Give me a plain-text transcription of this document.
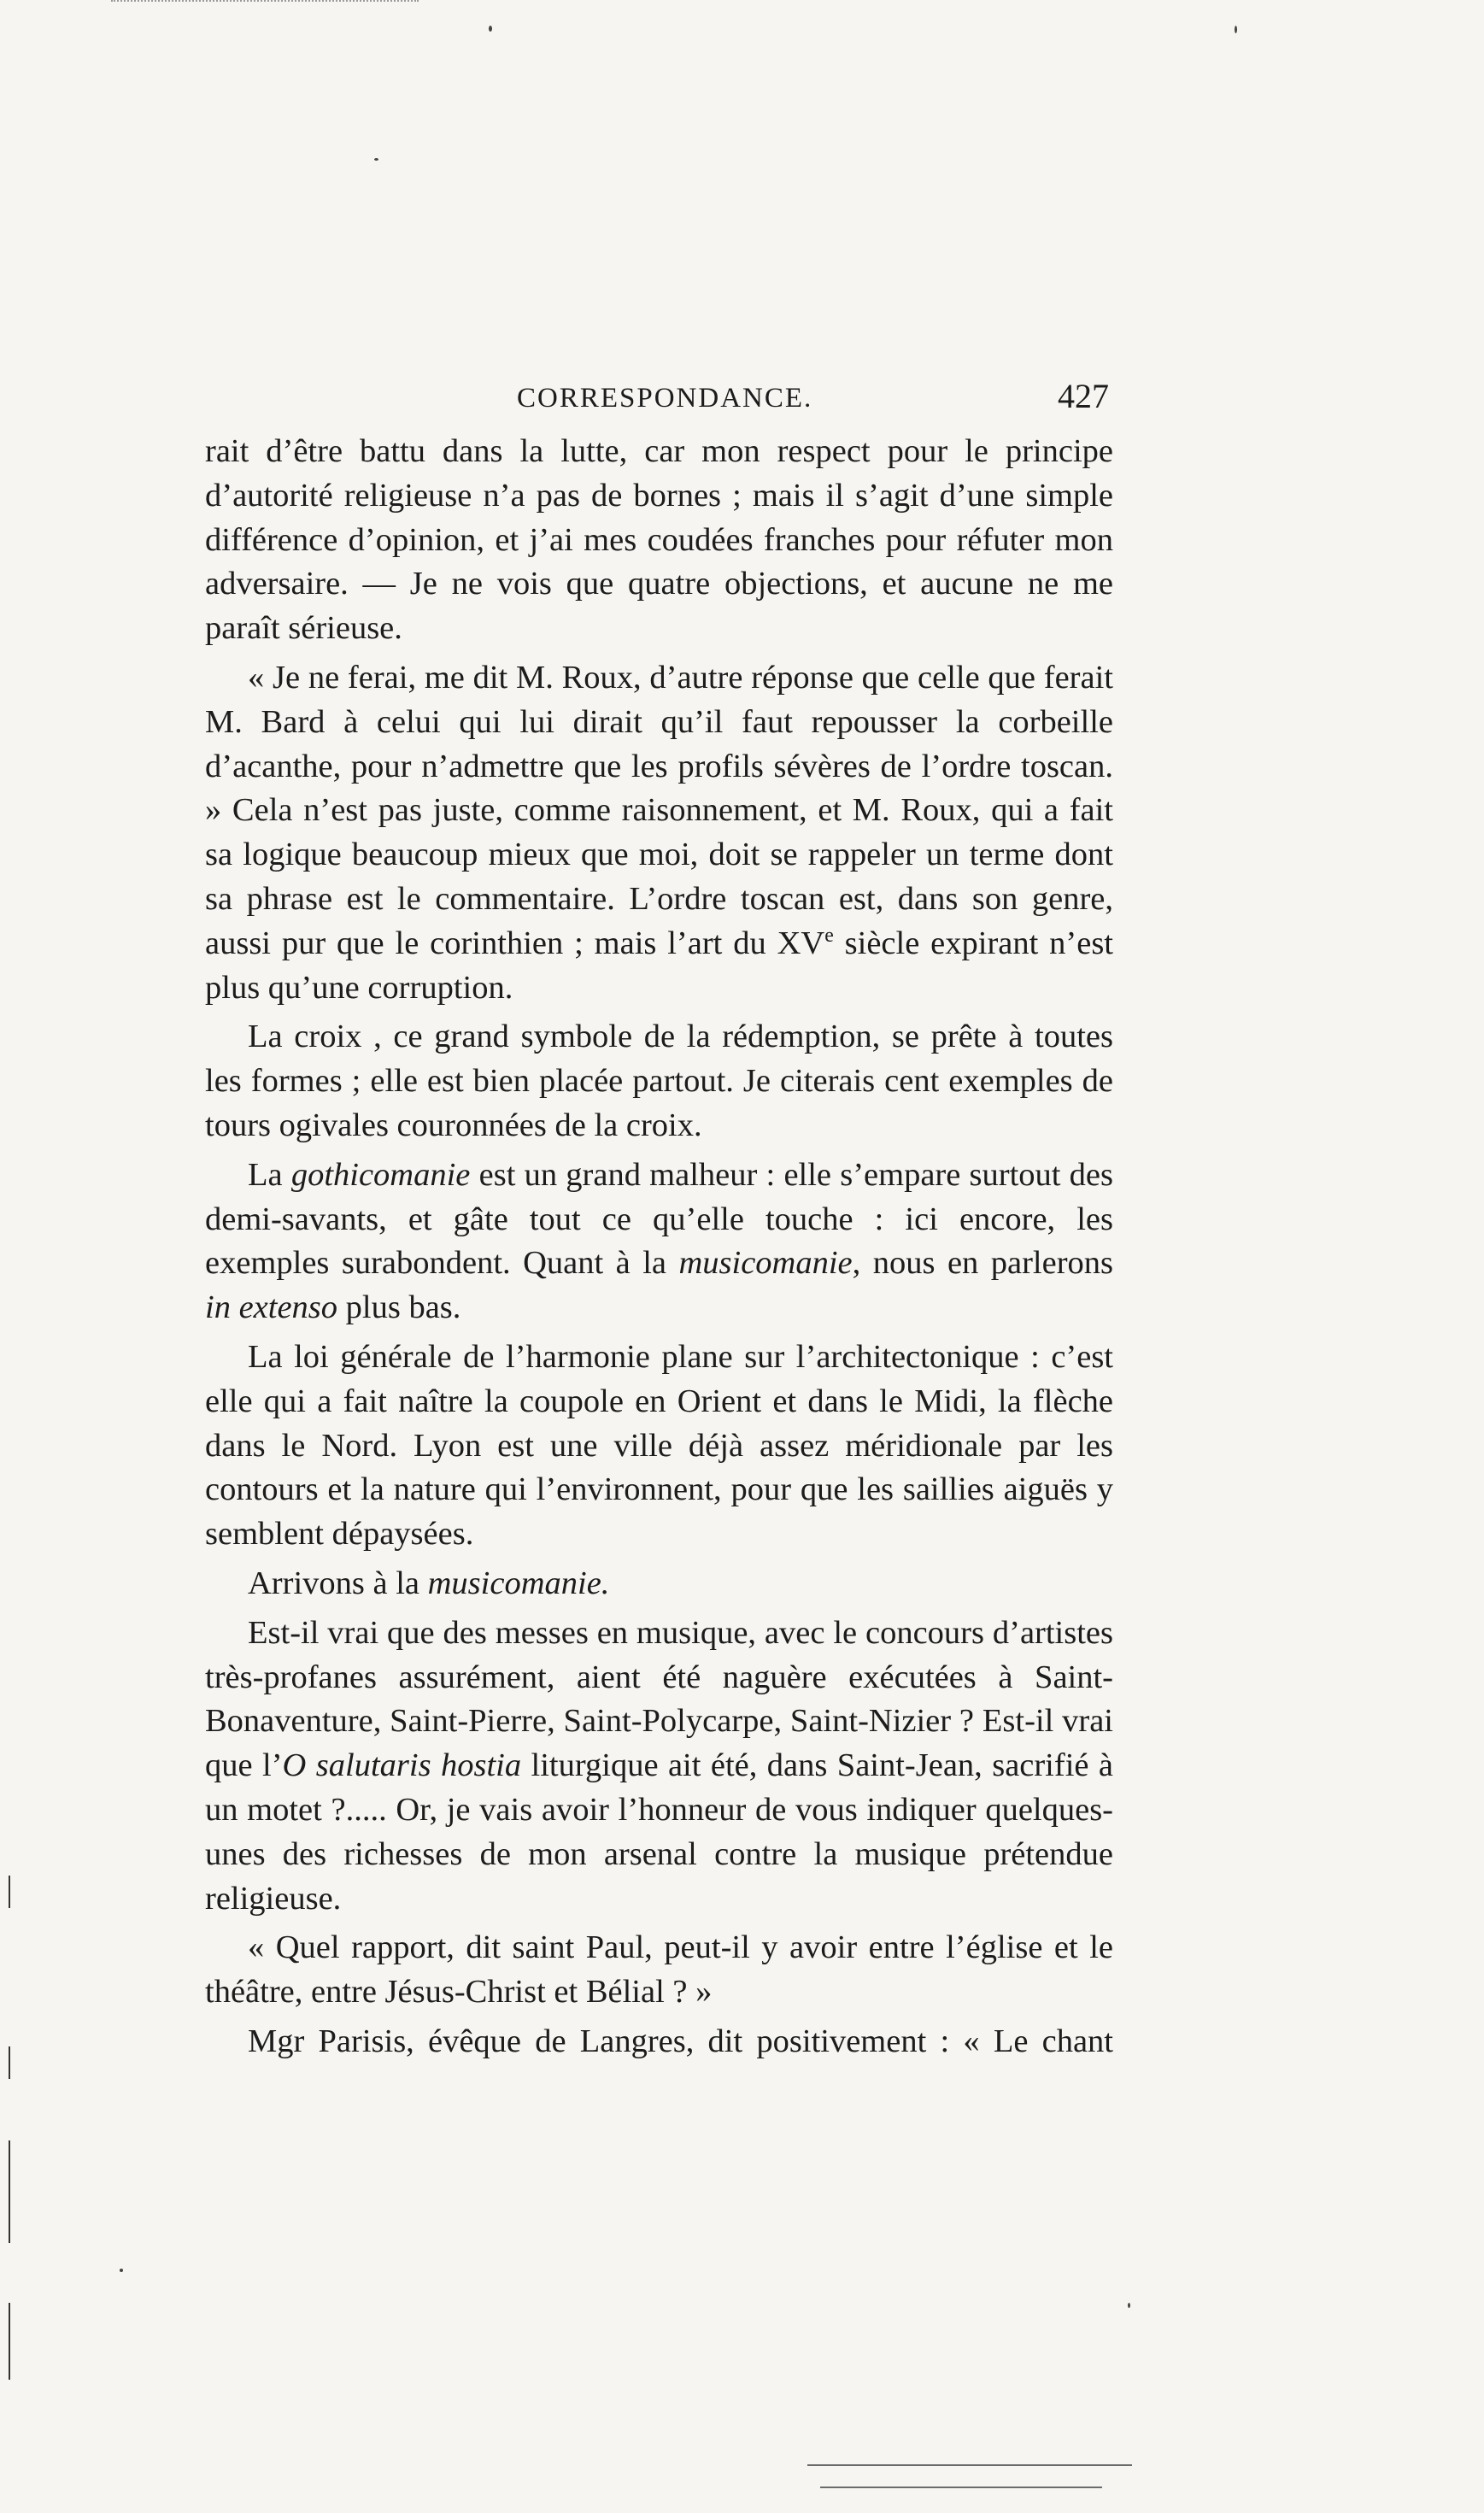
CORRESPONDANCE.	427

rait d’être battu dans la lutte, car mon respect pour le principe d’autorité religieuse n’a pas de bornes ; mais il s’agit d’une simple différence d’opinion, et j’ai mes coudées franches pour réfuter mon adversaire. — Je ne vois que quatre objections, et aucune ne me paraît sérieuse.

« Je ne ferai, me dit M. Roux, d’autre réponse que celle que ferait M. Bard à celui qui lui dirait qu’il faut repousser la corbeille d’acanthe, pour n’admettre que les profils sévères de l’ordre toscan. » Cela n’est pas juste, comme raisonnement, et M. Roux, qui a fait sa logique beaucoup mieux que moi, doit se rappeler un terme dont sa phrase est le commentaire. L’ordre toscan est, dans son genre, aussi pur que le corinthien ; mais l’art du XVe siècle expirant n’est plus qu’une corruption.

La croix , ce grand symbole de la rédemption, se prête à toutes les formes ; elle est bien placée partout. Je citerais cent exemples de tours ogivales couronnées de la croix.

La gothicomanie est un grand malheur : elle s’empare surtout des demi-savants, et gâte tout ce qu’elle touche : ici encore, les exemples surabondent. Quant à la musicomanie, nous en parlerons in extenso plus bas.

La loi générale de l’harmonie plane sur l’architectonique : c’est elle qui a fait naître la coupole en Orient et dans le Midi, la flèche dans le Nord. Lyon est une ville déjà assez méridionale par les contours et la nature qui l’environnent, pour que les saillies aiguës y semblent dépaysées.

Arrivons à la musicomanie.

Est-il vrai que des messes en musique, avec le concours d’artistes très-profanes assurément, aient été naguère exécutées à Saint-Bonaventure, Saint-Pierre, Saint-Polycarpe, Saint-Nizier ? Est-il vrai que l’O salutaris hostia liturgique ait été, dans Saint-Jean, sacrifié à un motet ?..... Or, je vais avoir l’honneur de vous indiquer quelques-unes des richesses de mon arsenal contre la musique prétendue religieuse.

« Quel rapport, dit saint Paul, peut-il y avoir entre l’église et le théâtre, entre Jésus-Christ et Bélial ? »

Mgr Parisis, évêque de Langres, dit positivement : « Le chant
